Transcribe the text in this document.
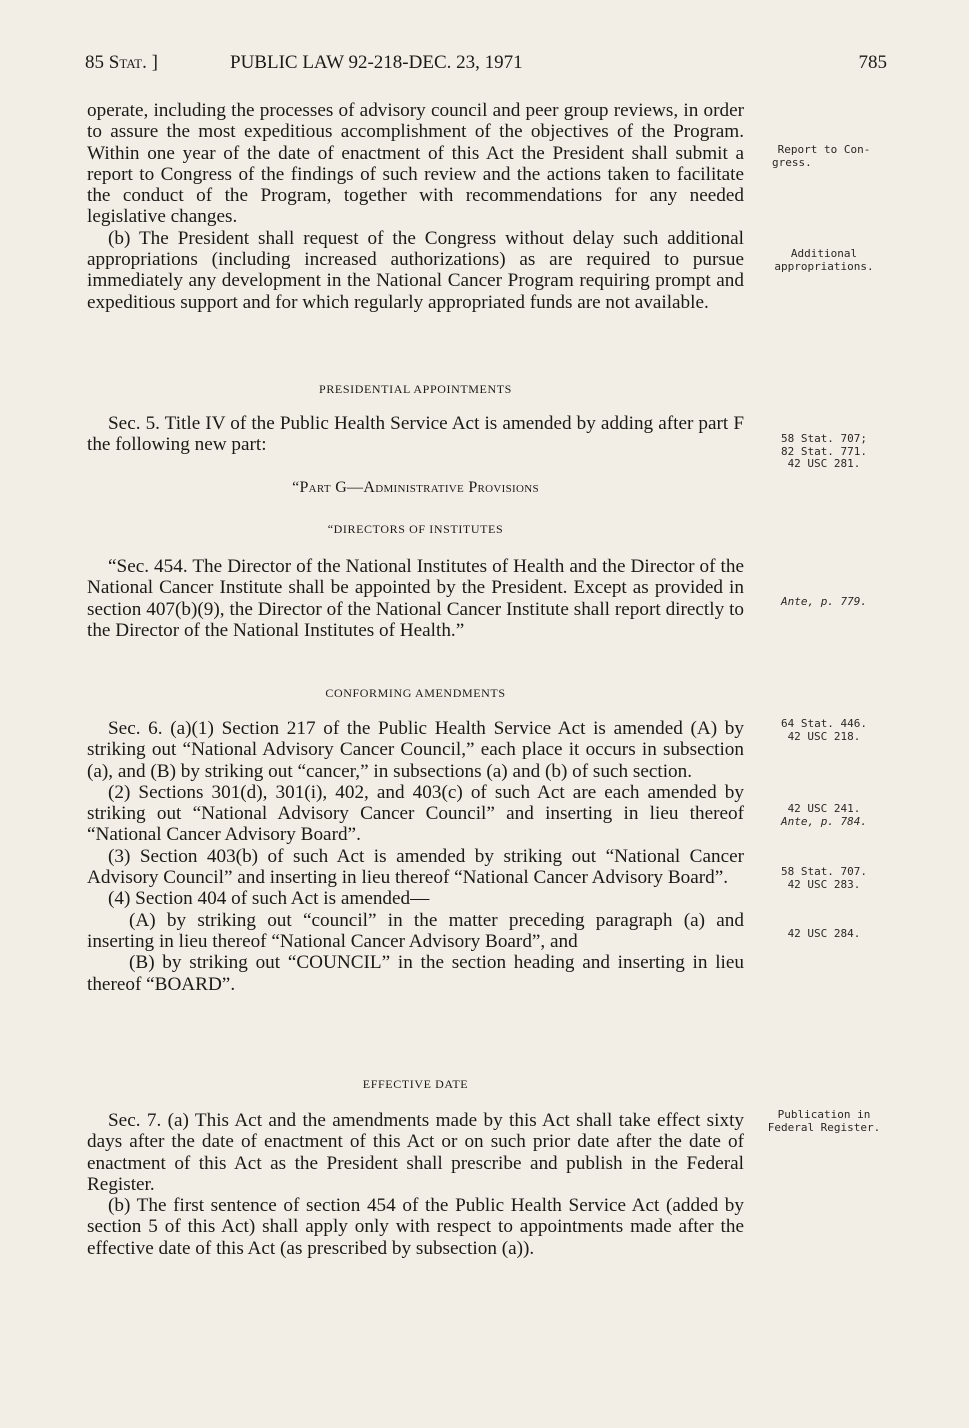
85 Stat. ]	PUBLIC LAW 92-218-DEC. 23, 1971	785

operate, including the processes of advisory council and peer group reviews, in order to assure the most expeditious accomplishment of the objectives of the Program. Within one year of the date of enactment of this Act the President shall submit a report to Congress of the findings of such review and the actions taken to facilitate the conduct of the Program, together with recommendations for any needed legislative changes.

(b) The President shall request of the Congress without delay such additional appropriations (including increased authorizations) as are required to pursue immediately any development in the National Cancer Program requiring prompt and expeditious support and for which regularly appropriated funds are not available.

PRESIDENTIAL APPOINTMENTS

Sec. 5. Title IV of the Public Health Service Act is amended by adding after part F the following new part:

“Part G—Administrative Provisions
“DIRECTORS OF INSTITUTES

“Sec. 454. The Director of the National Institutes of Health and the Director of the National Cancer Institute shall be appointed by the President. Except as provided in section 407(b)(9), the Director of the National Cancer Institute shall report directly to the Director of the National Institutes of Health.”

CONFORMING AMENDMENTS

Sec. 6. (a)(1) Section 217 of the Public Health Service Act is amended (A) by striking out “National Advisory Cancer Council,” each place it occurs in subsection (a), and (B) by striking out “cancer,” in subsections (a) and (b) of such section.

(2) Sections 301(d), 301(i), 402, and 403(c) of such Act are each amended by striking out “National Advisory Cancer Council” and inserting in lieu thereof “National Cancer Advisory Board”.

(3) Section 403(b) of such Act is amended by striking out “National Cancer Advisory Council” and inserting in lieu thereof “National Cancer Advisory Board”.

(4) Section 404 of such Act is amended—

(A) by striking out “council” in the matter preceding paragraph (a) and inserting in lieu thereof “National Cancer Advisory Board”, and

(B) by striking out “COUNCIL” in the section heading and inserting in lieu thereof “BOARD”.

EFFECTIVE DATE

Sec. 7. (a) This Act and the amendments made by this Act shall take effect sixty days after the date of enactment of this Act or on such prior date after the date of enactment of this Act as the President shall prescribe and publish in the Federal Register.

(b) The first sentence of section 454 of the Public Health Service Act (added by section 5 of this Act) shall apply only with respect to appointments made after the effective date of this Act (as prescribed by subsection (a)).

Report to Con-
gress.
Additional
appropriations.
58 Stat. 707;
82 Stat. 771.
42 USC 281.
Ante, p. 779.
64 Stat. 446.
42 USC 218.
42 USC 241.
Ante, p. 784.
58 Stat. 707.
42 USC 283.
42 USC 284.
Publication in
Federal Register.
